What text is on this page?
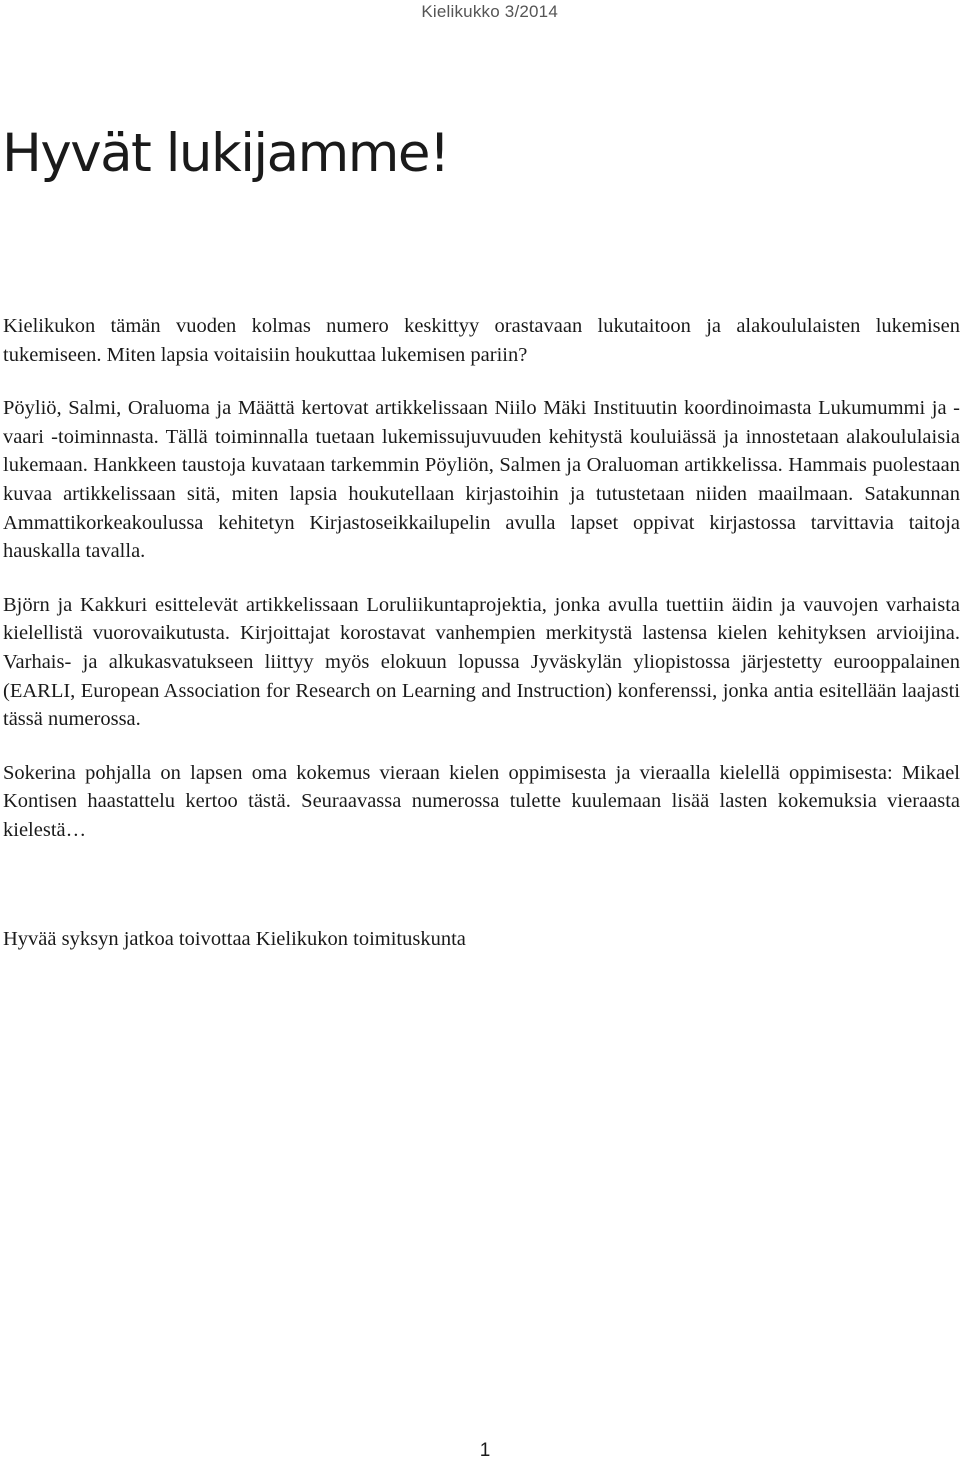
Kielikukko 3/2014
Hyvät lukijamme!

Kielikukon tämän vuoden kolmas numero keskittyy orastavaan lukutaitoon ja alakoululaisten lukemisen tukemiseen. Miten lapsia voitaisiin houkuttaa lukemisen pariin?

Pöyliö, Salmi, Oraluoma ja Määttä kertovat artikkelissaan Niilo Mäki Instituutin koordinoimasta Lukumummi ja -vaari -toiminnasta. Tällä toiminnalla tuetaan lukemissujuvuuden kehitystä kouluiässä ja innostetaan alakoululaisia lukemaan. Hankkeen taustoja kuvataan tarkemmin Pöyliön, Salmen ja Oraluoman artikkelissa. Hammais puolestaan kuvaa artikkelissaan sitä, miten lapsia houkutellaan kirjastoihin ja tutustetaan niiden maailmaan. Satakunnan Ammattikorkeakoulussa kehitetyn Kirjastoseikkailupelin avulla lapset oppivat kirjastossa tarvittavia taitoja hauskalla tavalla.

Björn ja Kakkuri esittelevät artikkelissaan Loruliikuntaprojektia, jonka avulla tuettiin äidin ja vauvojen varhaista kielellistä vuorovaikutusta. Kirjoittajat korostavat vanhempien merkitystä lastensa kielen kehityksen arvioijina. Varhais- ja alkukasvatukseen liittyy myös elokuun lopussa Jyväskylän yliopistossa järjestetty eurooppalainen (EARLI, European Association for Research on Learning and Instruction) konferenssi, jonka antia esitellään laajasti tässä numerossa.

Sokerina pohjalla on lapsen oma kokemus vieraan kielen oppimisesta ja vieraalla kielellä oppimisesta: Mikael Kontisen haastattelu kertoo tästä. Seuraavassa numerossa tulette kuulemaan lisää lasten kokemuksia vieraasta kielestä…

Hyvää syksyn jatkoa toivottaa Kielikukon toimituskunta

1
